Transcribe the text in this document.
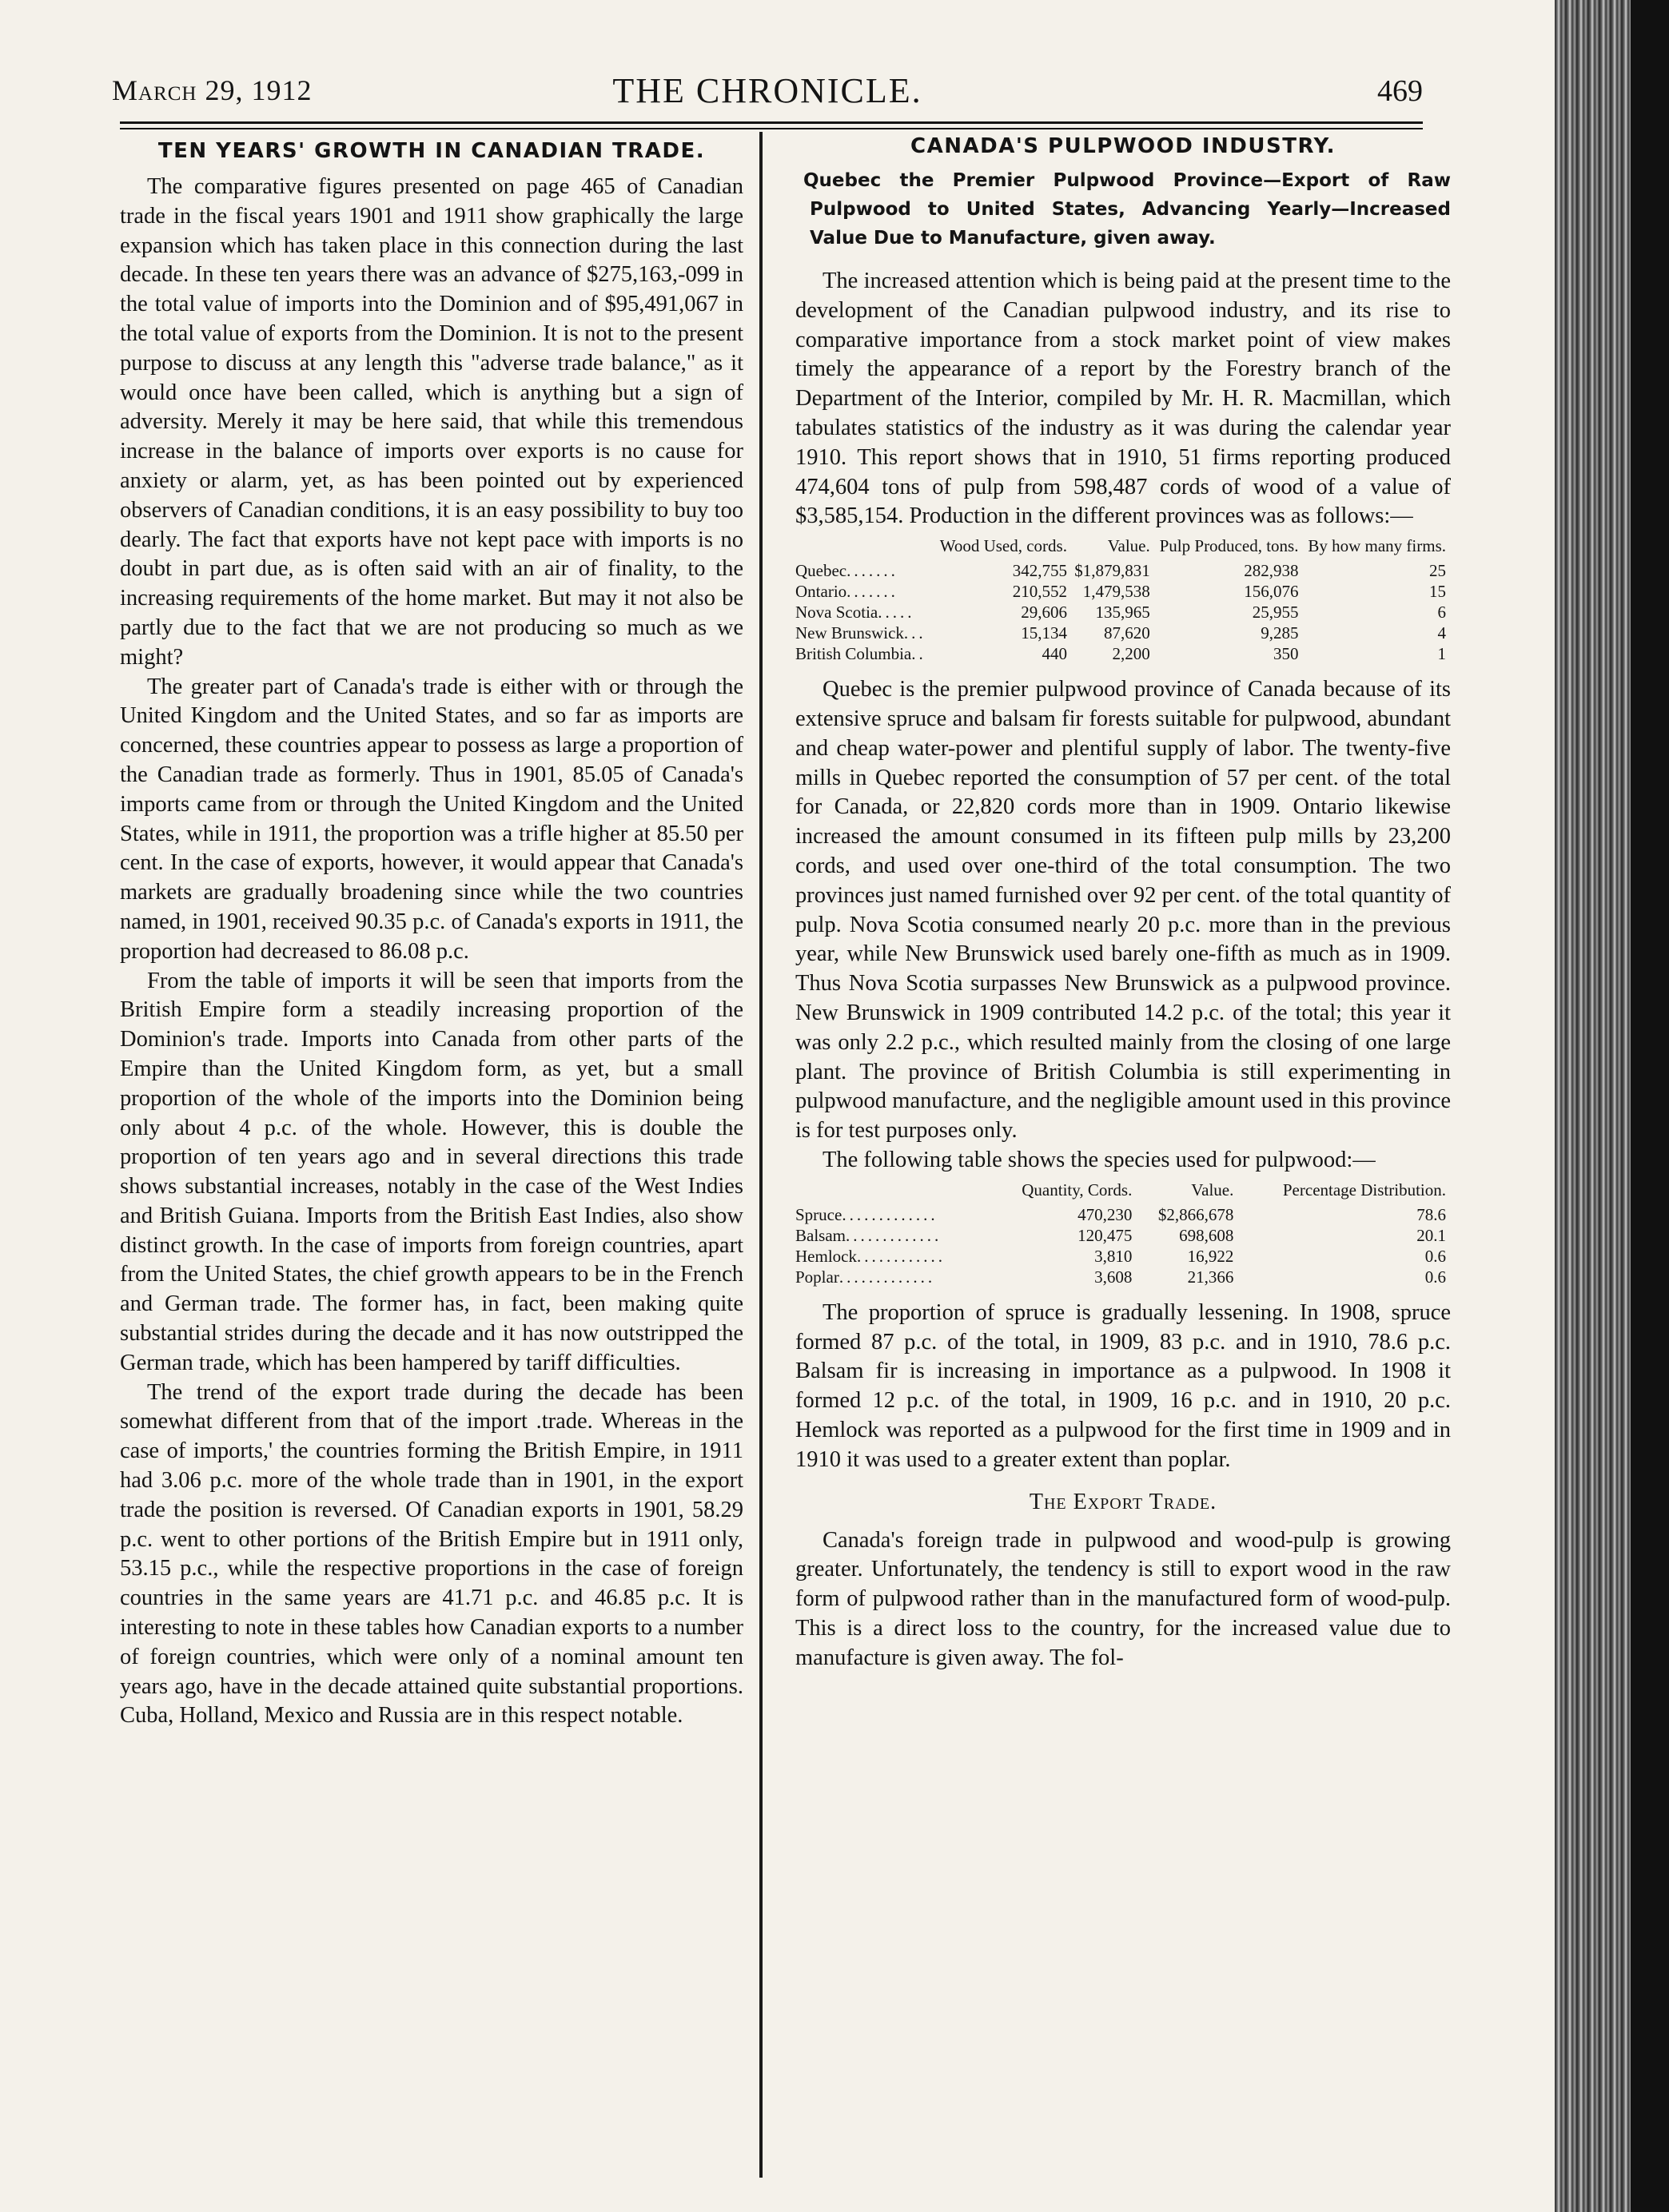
March 29, 1912	THE CHRONICLE.	469
TEN YEARS' GROWTH IN CANADIAN TRADE.

The comparative figures presented on page 465 of Canadian trade in the fiscal years 1901 and 1911 show graphically the large expansion which has taken place in this connection during the last decade. In these ten years there was an advance of $275,163,-099 in the total value of imports into the Dominion and of $95,491,067 in the total value of exports from the Dominion. It is not to the present purpose to discuss at any length this "adverse trade balance," as it would once have been called, which is anything but a sign of adversity. Merely it may be here said, that while this tremendous increase in the balance of imports over exports is no cause for anxiety or alarm, yet, as has been pointed out by experienced observers of Canadian conditions, it is an easy possibility to buy too dearly. The fact that exports have not kept pace with imports is no doubt in part due, as is often said with an air of finality, to the increasing requirements of the home market. But may it not also be partly due to the fact that we are not producing so much as we might?

The greater part of Canada's trade is either with or through the United Kingdom and the United States, and so far as imports are concerned, these countries appear to possess as large a proportion of the Canadian trade as formerly. Thus in 1901, 85.05 of Canada's imports came from or through the United Kingdom and the United States, while in 1911, the proportion was a trifle higher at 85.50 per cent. In the case of exports, however, it would appear that Canada's markets are gradually broadening since while the two countries named, in 1901, received 90.35 p.c. of Canada's exports in 1911, the proportion had decreased to 86.08 p.c.

From the table of imports it will be seen that imports from the British Empire form a steadily increasing proportion of the Dominion's trade. Imports into Canada from other parts of the Empire than the United Kingdom form, as yet, but a small proportion of the whole of the imports into the Dominion being only about 4 p.c. of the whole. However, this is double the proportion of ten years ago and in several directions this trade shows substantial increases, notably in the case of the West Indies and British Guiana. Imports from the British East Indies, also show distinct growth. In the case of imports from foreign countries, apart from the United States, the chief growth appears to be in the French and German trade. The former has, in fact, been making quite substantial strides during the decade and it has now outstripped the German trade, which has been hampered by tariff difficulties.

The trend of the export trade during the decade has been somewhat different from that of the import .trade. Whereas in the case of imports,' the countries forming the British Empire, in 1911 had 3.06 p.c. more of the whole trade than in 1901, in the export trade the position is reversed. Of Canadian exports in 1901, 58.29 p.c. went to other portions of the British Empire but in 1911 only, 53.15 p.c., while the respective proportions in the case of foreign countries in the same years are 41.71 p.c. and 46.85 p.c. It is interesting to note in these tables how Canadian exports to a number of foreign countries, which were only of a nominal amount ten years ago, have in the decade attained quite substantial proportions. Cuba, Holland, Mexico and Russia are in this respect notable.

CANADA'S PULPWOOD INDUSTRY.
Quebec the Premier Pulpwood Province—Export of Raw Pulpwood to United States, Advancing Yearly—Increased Value Due to Manufacture, given away.

The increased attention which is being paid at the present time to the development of the Canadian pulpwood industry, and its rise to comparative importance from a stock market point of view makes timely the appearance of a report by the Forestry branch of the Department of the Interior, compiled by Mr. H. R. Macmillan, which tabulates statistics of the industry as it was during the calendar year 1910. This report shows that in 1910, 51 firms reporting produced 474,604 tons of pulp from 598,487 cords of wood of a value of $3,585,154. Production in the different provinces was as follows:—

	Wood Used, cords.	Value.	Pulp Produced, tons.	By how many firms.
Quebec.......	342,755	$1,879,831	282,938	25
Ontario.......	210,552	1,479,538	156,076	15
Nova Scotia.....	29,606	135,965	25,955	6
New Brunswick...	15,134	87,620	9,285	4
British Columbia..	440	2,200	350	1

Quebec is the premier pulpwood province of Canada because of its extensive spruce and balsam fir forests suitable for pulpwood, abundant and cheap water-power and plentiful supply of labor. The twenty-five mills in Quebec reported the consumption of 57 per cent. of the total for Canada, or 22,820 cords more than in 1909. Ontario likewise increased the amount consumed in its fifteen pulp mills by 23,200 cords, and used over one-third of the total consumption. The two provinces just named furnished over 92 per cent. of the total quantity of pulp. Nova Scotia consumed nearly 20 p.c. more than in the previous year, while New Brunswick used barely one-fifth as much as in 1909. Thus Nova Scotia surpasses New Brunswick as a pulpwood province. New Brunswick in 1909 contributed 14.2 p.c. of the total; this year it was only 2.2 p.c., which resulted mainly from the closing of one large plant. The province of British Columbia is still experimenting in pulpwood manufacture, and the negligible amount used in this province is for test purposes only.

The following table shows the species used for pulpwood:—

	Quantity, Cords.	Value.	Percentage Distribution.
Spruce.............	470,230	$2,866,678	78.6
Balsam.............	120,475	698,608	20.1
Hemlock............	3,810	16,922	0.6
Poplar.............	3,608	21,366	0.6

The proportion of spruce is gradually lessening. In 1908, spruce formed 87 p.c. of the total, in 1909, 83 p.c. and in 1910, 78.6 p.c. Balsam fir is increasing in importance as a pulpwood. In 1908 it formed 12 p.c. of the total, in 1909, 16 p.c. and in 1910, 20 p.c. Hemlock was reported as a pulpwood for the first time in 1909 and in 1910 it was used to a greater extent than poplar.

The Export Trade.

Canada's foreign trade in pulpwood and wood-pulp is growing greater. Unfortunately, the tendency is still to export wood in the raw form of pulpwood rather than in the manufactured form of wood-pulp. This is a direct loss to the country, for the increased value due to manufacture is given away. The fol-
